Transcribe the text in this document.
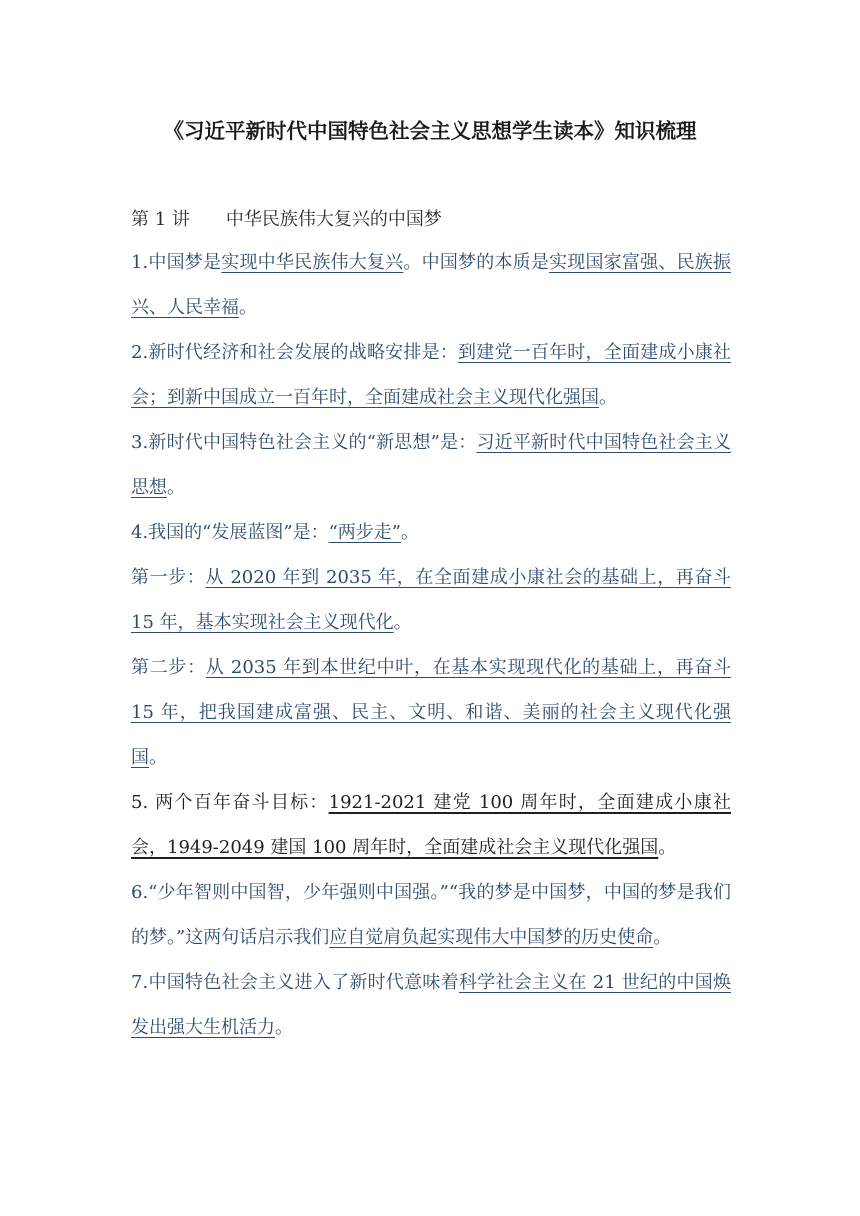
《习近平新时代中国特色社会主义思想学生读本》知识梳理
第 1 讲 中华民族伟大复兴的中国梦

1.中国梦是实现中华民族伟大复兴。中国梦的本质是实现国家富强、民族振兴、人民幸福。

2.新时代经济和社会发展的战略安排是：到建党一百年时，全面建成小康社会；到新中国成立一百年时，全面建成社会主义现代化强国。

3.新时代中国特色社会主义的“新思想”是：习近平新时代中国特色社会主义思想。

4.我国的“发展蓝图”是：“两步走”。

第一步：从 2020 年到 2035 年，在全面建成小康社会的基础上，再奋斗 15 年，基本实现社会主义现代化。

第二步：从 2035 年到本世纪中叶，在基本实现现代化的基础上，再奋斗 15 年，把我国建成富强、民主、文明、和谐、美丽的社会主义现代化强国。

5. 两个百年奋斗目标：1921-2021 建党 100 周年时，全面建成小康社会，1949-2049 建国 100 周年时，全面建成社会主义现代化强国。

6.“少年智则中国智，少年强则中国强。”“我的梦是中国梦，中国的梦是我们的梦。”这两句话启示我们应自觉肩负起实现伟大中国梦的历史使命。

7.中国特色社会主义进入了新时代意味着科学社会主义在 21 世纪的中国焕发出强大生机活力。
